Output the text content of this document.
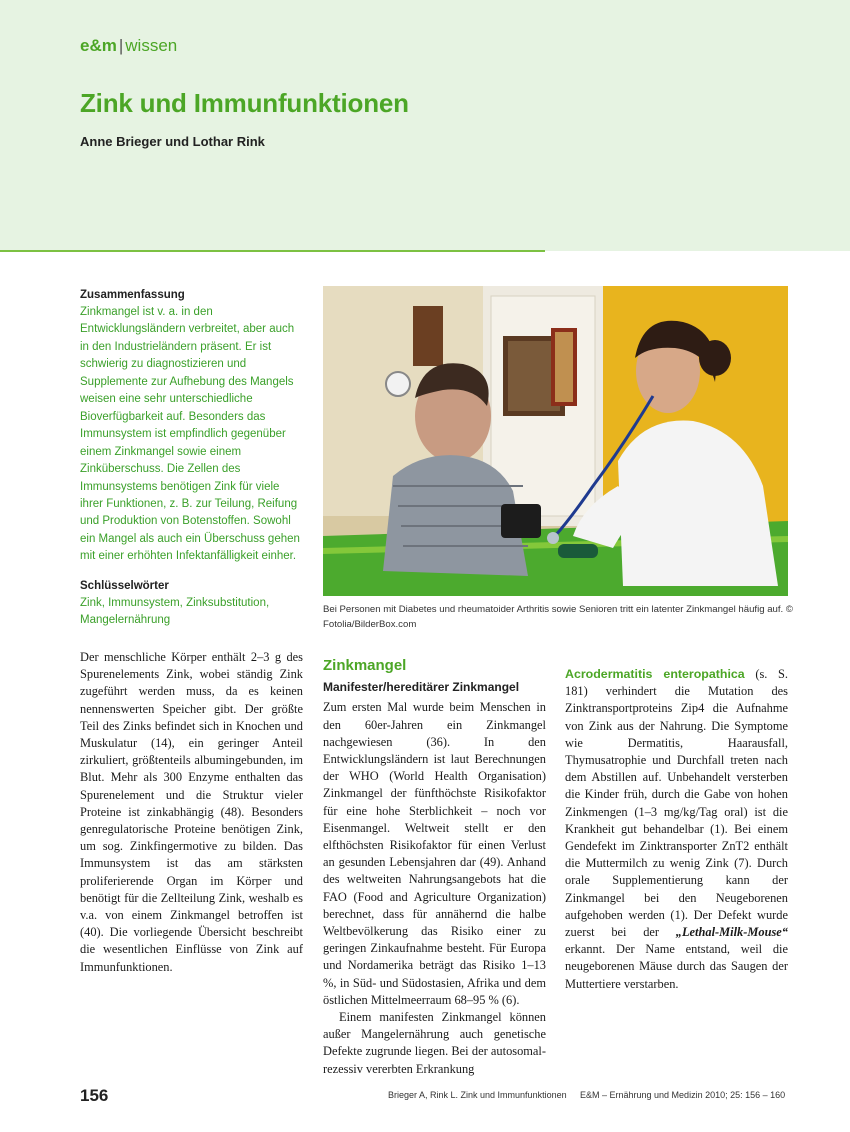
e&m | wissen
Zink und Immunfunktionen
Anne Brieger und Lothar Rink
Zusammenfassung
Zinkmangel ist v. a. in den Entwicklungsländern verbreitet, aber auch in den Industrieländern präsent. Er ist schwierig zu diagnostizieren und Supplemente zur Aufhebung des Mangels weisen eine sehr unterschiedliche Bioverfügbarkeit auf. Besonders das Immunsystem ist empfindlich gegenüber einem Zinkmangel sowie einem Zinküberschuss. Die Zellen des Immunsystems benötigen Zink für viele ihrer Funktionen, z. B. zur Teilung, Reifung und Produktion von Botenstoffen. Sowohl ein Mangel als auch ein Überschuss gehen mit einer erhöhten Infektanfälligkeit einher.
Schlüsselwörter
Zink, Immunsystem, Zinksubstitution, Mangelernährung
Bei Personen mit Diabetes und rheumatoider Arthritis sowie Senioren tritt ein latenter Zinkmangel häufig auf. © Fotolia/BilderBox.com

Der menschliche Körper enthält 2–3 g des Spurenelements Zink, wobei ständig Zink zugeführt werden muss, da es keinen nennenswerten Speicher gibt. Der größte Teil des Zinks befindet sich in Knochen und Muskulatur (14), ein geringer Anteil zirkuliert, größtenteils albumingebunden, im Blut. Mehr als 300 Enzyme enthalten das Spurenelement und die Struktur vieler Proteine ist zinkabhängig (48). Besonders genregulatorische Proteine benötigen Zink, um sog. Zinkfingermotive zu bilden. Das Immunsystem ist das am stärksten proliferierende Organ im Körper und benötigt für die Zellteilung Zink, weshalb es v.a. von einem Zinkmangel betroffen ist (40). Die vorliegende Übersicht beschreibt die wesentlichen Einflüsse von Zink auf Immunfunktionen.

Zinkmangel
Manifester/hereditärer Zinkmangel

Zum ersten Mal wurde beim Menschen in den 60er-Jahren ein Zinkmangel nachgewiesen (36). In den Entwicklungsländern ist laut Berechnungen der WHO (World Health Organisation) Zinkmangel der fünfthöchste Risikofaktor für eine hohe Sterblichkeit – noch vor Eisenmangel. Weltweit stellt er den elfthöchsten Risikofaktor für einen Verlust an gesunden Lebensjahren dar (49). Anhand des weltweiten Nahrungsangebots hat die FAO (Food and Agriculture Organization) berechnet, dass für annähernd die halbe Weltbevölkerung das Risiko einer zu geringen Zinkaufnahme besteht. Für Europa und Nordamerika beträgt das Risiko 1–13 %, in Süd- und Südostasien, Afrika und dem östlichen Mittelmeerraum 68–95 % (6).

Einem manifesten Zinkmangel können außer Mangelernährung auch genetische Defekte zugrunde liegen. Bei der autosomal-rezessiv vererbten Erkrankung

Acrodermatitis enteropathica (s. S. 181) verhindert die Mutation des Zinktransportproteins Zip4 die Aufnahme von Zink aus der Nahrung. Die Symptome wie Dermatitis, Haarausfall, Thymusatrophie und Durchfall treten nach dem Abstillen auf. Unbehandelt versterben die Kinder früh, durch die Gabe von hohen Zinkmengen (1–3 mg/kg/Tag oral) ist die Krankheit gut behandelbar (1). Bei einem Gendefekt im Zinktransporter ZnT2 enthält die Muttermilch zu wenig Zink (7). Durch orale Supplementierung kann der Zinkmangel bei den Neugeborenen aufgehoben werden (1). Der Defekt wurde zuerst bei der „Lethal-Milk-Mouse“ erkannt. Der Name entstand, weil die neugeborenen Mäuse durch das Saugen der Muttertiere verstarben.

156	Brieger A, Rink L. Zink und Immunfunktionen E&M – Ernährung und Medizin 2010; 25: 156 – 160
